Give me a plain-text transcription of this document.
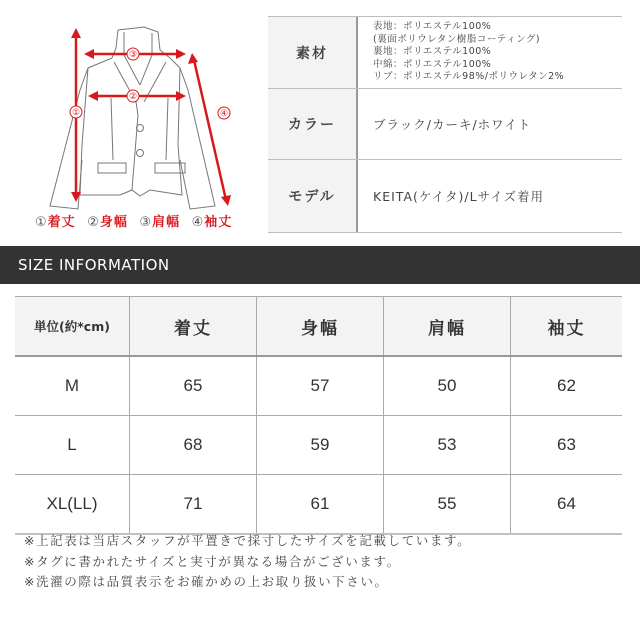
①
②
③
④
①着丈 ②身幅 ③肩幅 ④袖丈
素材
表地：ポリエステル100%
(裏面ポリウレタン樹脂コーティング)
裏地：ポリエステル100%
中綿：ポリエステル100%
リブ：ポリエステル98%/ポリウレタン2%
カラー	ブラック/カーキ/ホワイト
モデル	KEITA(ケイタ)/Lサイズ着用
SIZE INFORMATION
単位(約*cm)	着丈	身幅	肩幅	袖丈
M	65	57	50	62
L	68	59	53	63
XL(LL)	71	61	55	64
※上記表は当店スタッフが平置きで採寸したサイズを記載しています。
※タグに書かれたサイズと実寸が異なる場合がございます。
※洗濯の際は品質表示をお確かめの上お取り扱い下さい。
